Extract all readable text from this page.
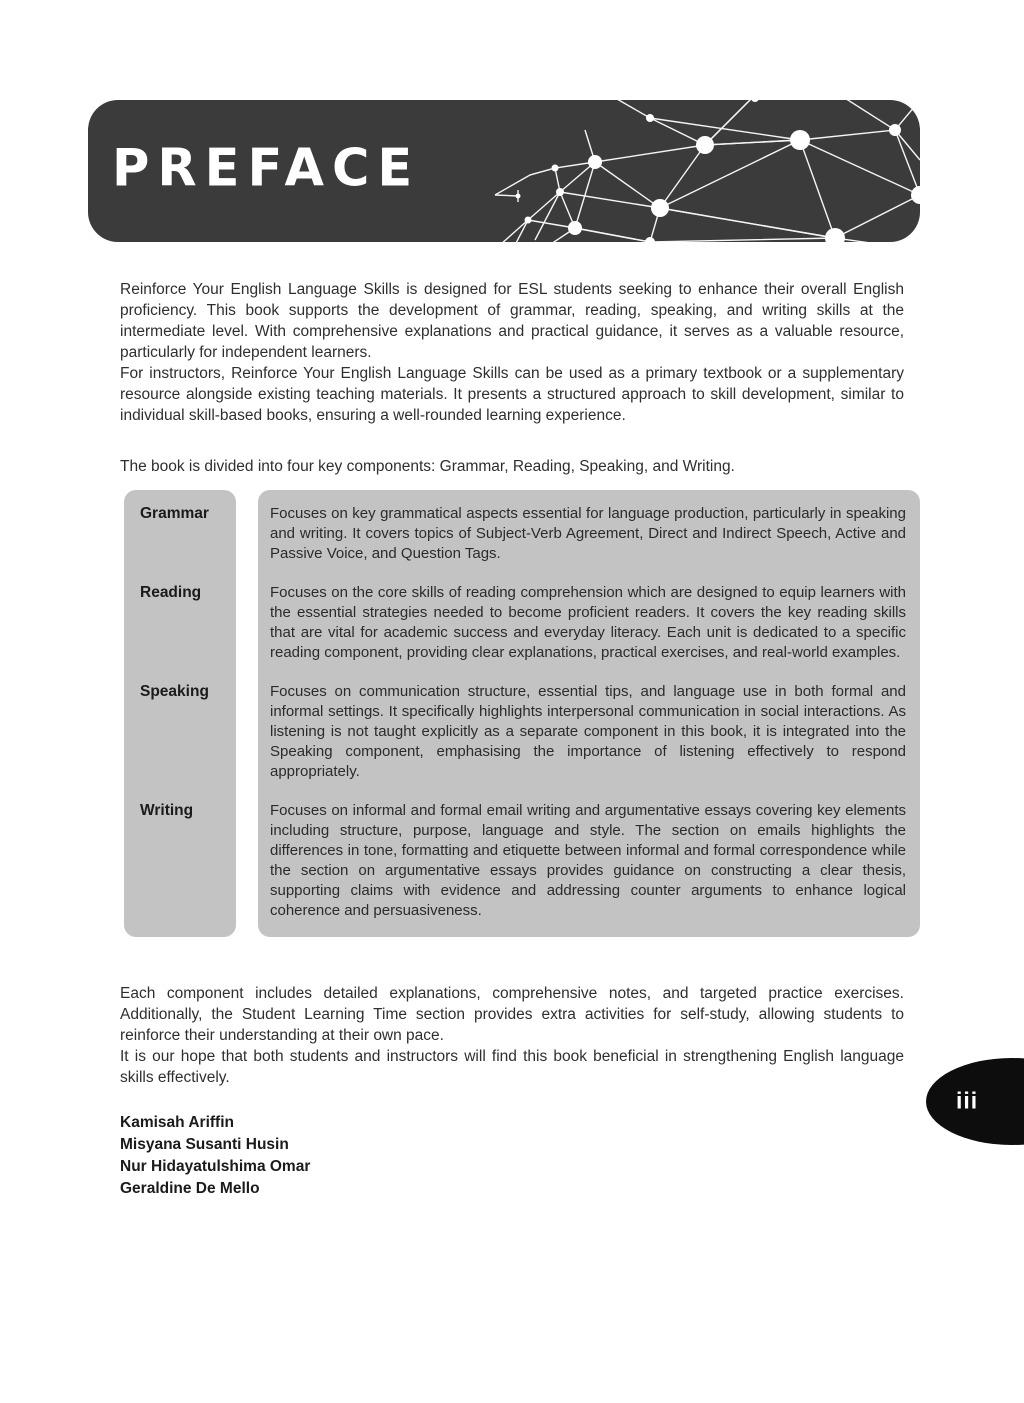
PREFACE

Reinforce Your English Language Skills is designed for ESL students seeking to enhance their overall English proficiency. This book supports the development of grammar, reading, speaking, and writing skills at the intermediate level. With comprehensive explanations and practical guidance, it serves as a valuable resource, particularly for independent learners.

For instructors, Reinforce Your English Language Skills can be used as a primary textbook or a supplementary resource alongside existing teaching materials. It presents a structured approach to skill development, similar to individual skill-based books, ensuring a well-rounded learning experience.

The book is divided into four key components: Grammar, Reading, Speaking, and Writing.

Grammar	Focuses on key grammatical aspects essential for language production, particularly in speaking and writing. It covers topics of Subject-Verb Agreement, Direct and Indirect Speech, Active and Passive Voice, and Question Tags.

Reading	Focuses on the core skills of reading comprehension which are designed to equip learners with the essential strategies needed to become proficient readers. It covers the key reading skills that are vital for academic success and everyday literacy. Each unit is dedicated to a specific reading component, providing clear explanations, practical exercises, and real-world examples.

Speaking	Focuses on communication structure, essential tips, and language use in both formal and informal settings. It specifically highlights interpersonal communication in social interactions. As listening is not taught explicitly as a separate component in this book, it is integrated into the Speaking component, emphasising the importance of listening effectively to respond appropriately.

Writing	Focuses on informal and formal email writing and argumentative essays covering key elements including structure, purpose, language and style. The section on emails highlights the differences in tone, formatting and etiquette between informal and formal correspondence while the section on argumentative essays provides guidance on constructing a clear thesis, supporting claims with evidence and addressing counter arguments to enhance logical coherence and persuasiveness.

Each component includes detailed explanations, comprehensive notes, and targeted practice exercises. Additionally, the Student Learning Time section provides extra activities for self-study, allowing students to reinforce their understanding at their own pace.

It is our hope that both students and instructors will find this book beneficial in strengthening English language skills effectively.

Kamisah Ariffin

Misyana Susanti Husin

Nur Hidayatulshima Omar

Geraldine De Mello

iii
